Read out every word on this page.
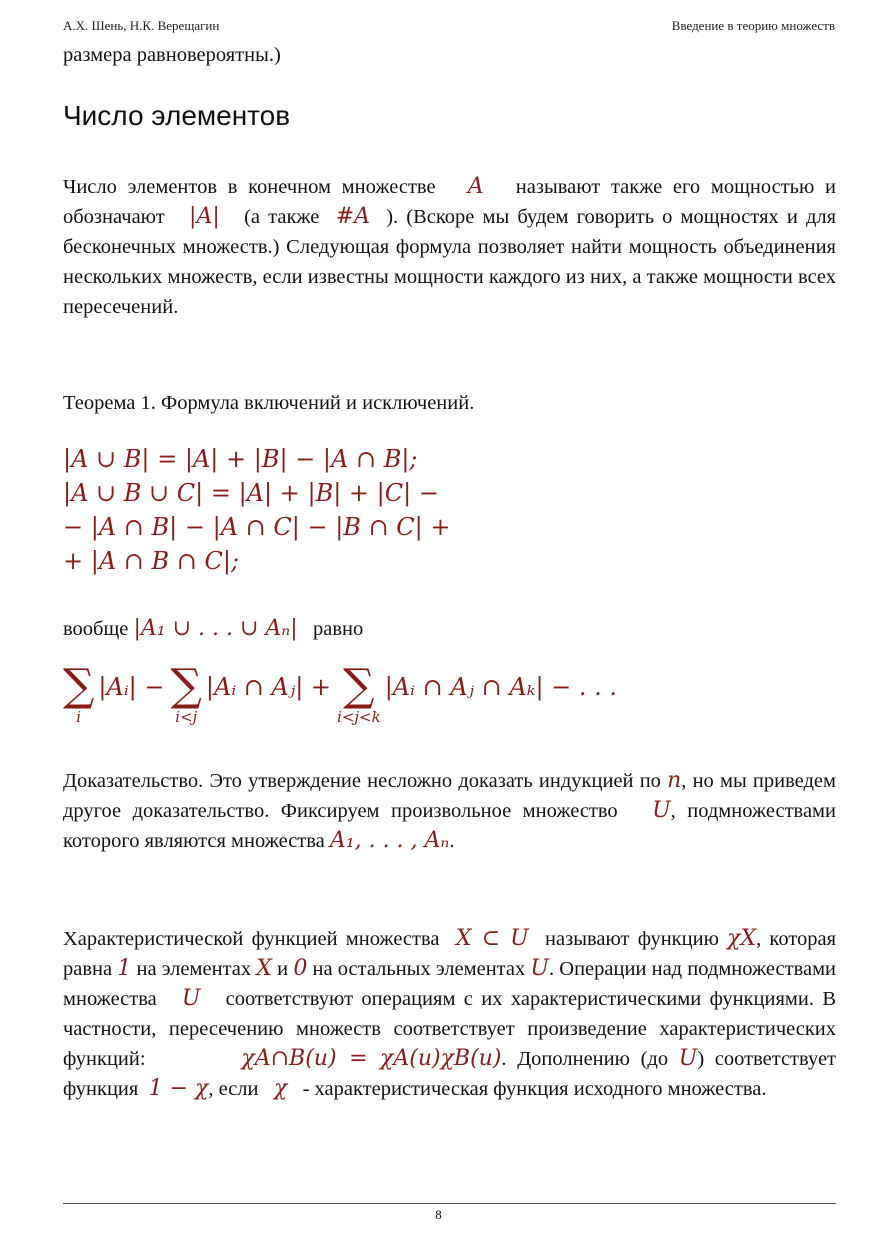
А.Х. Шень, Н.К. Верещагин	Введение в теорию множеств
размера равновероятны.)
Число элементов
Число элементов в конечном множестве A называют также его мощностью и обозначают |A| (а также #A ). (Вскоре мы будем говорить о мощностях и для бесконечных множеств.) Следующая формула позволяет найти мощность объединения нескольких множеств, если известны мощности каждого из них, а также мощности всех пересечений.
Теорема 1. Формула включений и исключений.
|A ∪ B| = |A| + |B| − |A ∩ B|;
|A ∪ B ∪ C| = |A| + |B| + |C| −
− |A ∩ B| − |A ∩ C| − |B ∩ C| +
+ |A ∩ B ∩ C|;
вообще |A₁ ∪ . . . ∪ Aₙ| равно
∑
i
|Aᵢ| − ∑
i<j
|Aᵢ ∩ Aⱼ| + ∑
i<j<k
|Aᵢ ∩ Aⱼ ∩ Aₖ| − . . .
Доказательство. Это утверждение несложно доказать индукцией по n, но мы приведем другое доказательство. Фиксируем произвольное множество U, подмножествами которого являются множества A₁, . . . , Aₙ.
Характеристической функцией множества X ⊂ U называют функцию χX, которая равна 1 на элементах X и 0 на остальных элементах U. Операции над подмножествами множества U соответствуют операциям с их характеристическими функциями. В частности, пересечению множеств соответствует произведение характеристических функций:	χA∩B(u) = χA(u)χB(u). Дополнению (до U) соответствует функция 1 − χ, если χ - характеристическая функция исходного множества.
8
